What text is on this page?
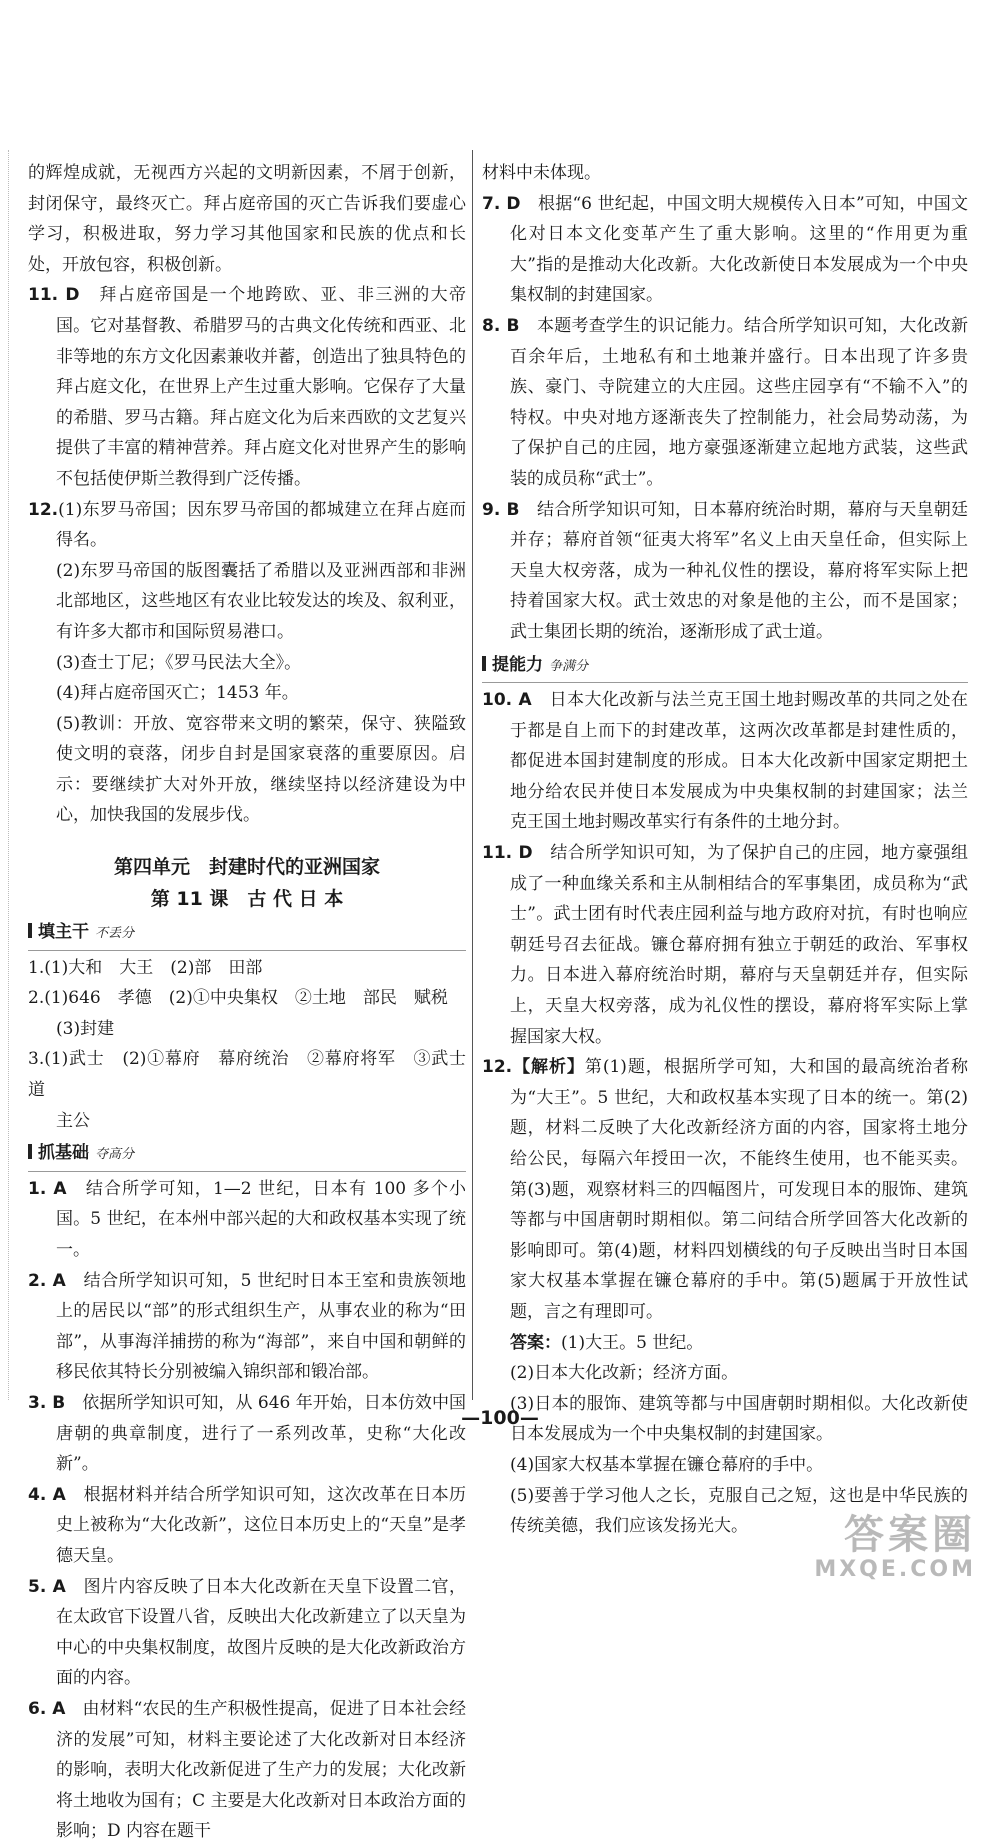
的辉煌成就，无视西方兴起的文明新因素，不屑于创新，封闭保守，最终灭亡。拜占庭帝国的灭亡告诉我们要虚心学习，积极进取，努力学习其他国家和民族的优点和长处，开放包容，积极创新。

11. D　 拜占庭帝国是一个地跨欧、亚、非三洲的大帝国。它对基督教、希腊罗马的古典文化传统和西亚、北非等地的东方文化因素兼收并蓄，创造出了独具特色的拜占庭文化，在世界上产生过重大影响。它保存了大量的希腊、罗马古籍。拜占庭文化为后来西欧的文艺复兴提供了丰富的精神营养。拜占庭文化对世界产生的影响不包括使伊斯兰教得到广泛传播。

12.(1)东罗马帝国；因东罗马帝国的都城建立在拜占庭而得名。

(2)东罗马帝国的版图囊括了希腊以及亚洲西部和非洲北部地区，这些地区有农业比较发达的埃及、叙利亚，有许多大都市和国际贸易港口。

(3)查士丁尼；《罗马民法大全》。

(4)拜占庭帝国灭亡；1453 年。

(5)教训：开放、宽容带来文明的繁荣，保守、狭隘致使文明的衰落，闭步自封是国家衰落的重要原因。启示：要继续扩大对外开放，继续坚持以经济建设为中心，加快我国的发展步伐。

第四单元　封建时代的亚洲国家
第 11 课　古 代 日 本
填主干 不丢分

1.(1)大和　大王　(2)部　田部

2.(1)646　孝德　(2)①中央集权　②土地　部民　赋税

(3)封建

3.(1)武士　(2)①幕府　幕府统治　②幕府将军　③武士道

主公

抓基础 夺高分

1. A　 结合所学可知，1—2 世纪，日本有 100 多个小国。5 世纪，在本州中部兴起的大和政权基本实现了统一。

2. A　 结合所学知识可知，5 世纪时日本王室和贵族领地上的居民以“部”的形式组织生产，从事农业的称为“田部”，从事海洋捕捞的称为“海部”，来自中国和朝鲜的移民依其特长分别被编入锦织部和锻冶部。

3. B　 依据所学知识可知，从 646 年开始，日本仿效中国唐朝的典章制度，进行了一系列改革，史称“大化改新”。

4. A　 根据材料并结合所学知识可知，这次改革在日本历史上被称为“大化改新”，这位日本历史上的“天皇”是孝德天皇。

5. A　 图片内容反映了日本大化改新在天皇下设置二官，在太政官下设置八省，反映出大化改新建立了以天皇为中心的中央集权制度，故图片反映的是大化改新政治方面的内容。

6. A　 由材料“农民的生产积极性提高，促进了日本社会经济的发展”可知，材料主要论述了大化改新对日本经济的影响，表明大化改新促进了生产力的发展；大化改新将土地收为国有；C 主要是大化改新对日本政治方面的影响；D 内容在题干

材料中未体现。

7. D　 根据“6 世纪起，中国文明大规模传入日本”可知，中国文化对日本文化变革产生了重大影响。这里的“作用更为重大”指的是推动大化改新。大化改新使日本发展成为一个中央集权制的封建国家。

8. B　 本题考查学生的识记能力。结合所学知识可知，大化改新百余年后，土地私有和土地兼并盛行。日本出现了许多贵族、豪门、寺院建立的大庄园。这些庄园享有“不输不入”的特权。中央对地方逐渐丧失了控制能力，社会局势动荡，为了保护自己的庄园，地方豪强逐渐建立起地方武装，这些武装的成员称“武士”。

9. B　 结合所学知识可知，日本幕府统治时期，幕府与天皇朝廷并存；幕府首领“征夷大将军”名义上由天皇任命，但实际上天皇大权旁落，成为一种礼仪性的摆设，幕府将军实际上把持着国家大权。武士效忠的对象是他的主公，而不是国家；武士集团长期的统治，逐渐形成了武士道。

提能力 争满分

10. A　 日本大化改新与法兰克王国土地封赐改革的共同之处在于都是自上而下的封建改革，这两次改革都是封建性质的，都促进本国封建制度的形成。日本大化改新中国家定期把土地分给农民并使日本发展成为中央集权制的封建国家；法兰克王国土地封赐改革实行有条件的土地分封。

11. D　 结合所学知识可知，为了保护自己的庄园，地方豪强组成了一种血缘关系和主从制相结合的军事集团，成员称为“武士”。武士团有时代表庄园利益与地方政府对抗，有时也响应朝廷号召去征战。镰仓幕府拥有独立于朝廷的政治、军事权力。日本进入幕府统治时期，幕府与天皇朝廷并存，但实际上，天皇大权旁落，成为礼仪性的摆设，幕府将军实际上掌握国家大权。

12.【解析】第(1)题，根据所学可知，大和国的最高统治者称为“大王”。5 世纪，大和政权基本实现了日本的统一。第(2)题，材料二反映了大化改新经济方面的内容，国家将土地分给公民，每隔六年授田一次，不能终生使用，也不能买卖。第(3)题，观察材料三的四幅图片，可发现日本的服饰、建筑等都与中国唐朝时期相似。第二问结合所学回答大化改新的影响即可。第(4)题，材料四划横线的句子反映出当时日本国家大权基本掌握在镰仓幕府的手中。第(5)题属于开放性试题，言之有理即可。

答案：(1)大王。5 世纪。

(2)日本大化改新；经济方面。

(3)日本的服饰、建筑等都与中国唐朝时期相似。大化改新使日本发展成为一个中央集权制的封建国家。

(4)国家大权基本掌握在镰仓幕府的手中。

(5)要善于学习他人之长，克服自己之短，这也是中华民族的传统美德，我们应该发扬光大。

—100—
答案圈
MXQE.COM
